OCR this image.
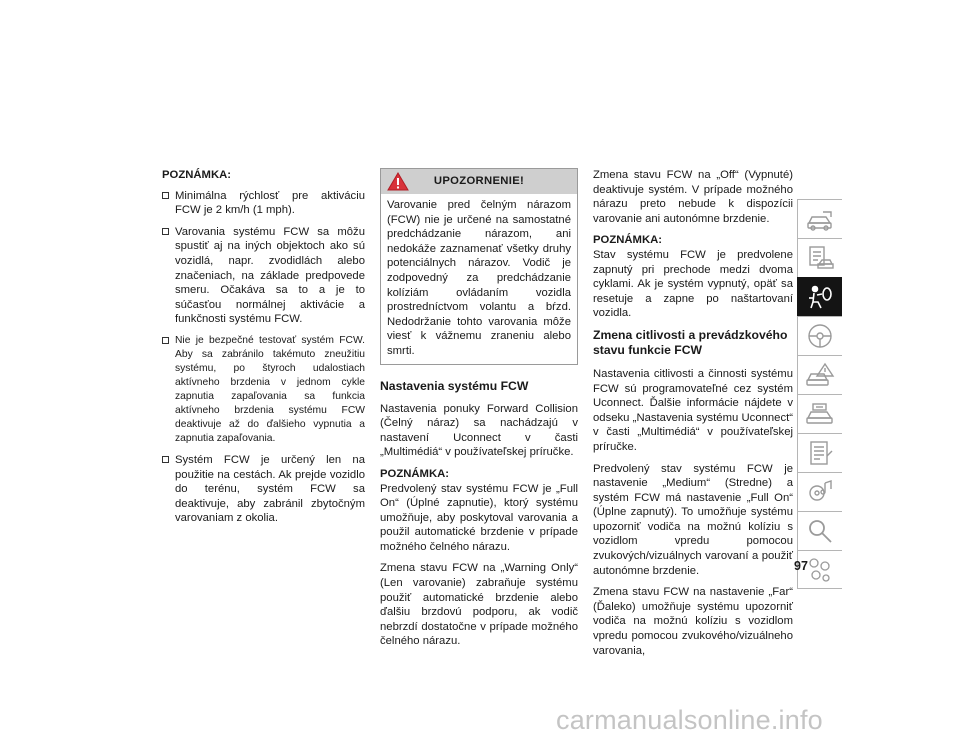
POZNÁMKA:
Minimálna rýchlosť pre aktiváciu FCW je 2 km/h (1 mph).
Varovania systému FCW sa môžu spustiť aj na iných objektoch ako sú vozidlá, napr. zvodidlách alebo značeniach, na základe predpovede smeru. Očakáva sa to a je to súčasťou normálnej aktivácie a funkčnosti systému FCW.
Nie je bezpečné testovať systém FCW. Aby sa zabránilo takémuto zneužitiu systému, po štyroch udalostiach aktívneho brzdenia v jednom cykle zapnutia zapaľovania sa funkcia aktívneho brzdenia systému FCW deaktivuje až do ďalšieho vypnutia a zapnutia zapaľovania.
Systém FCW je určený len na použitie na cestách. Ak prejde vozidlo do terénu, systém FCW sa deaktivuje, aby zabránil zbytočným varovaniam z okolia.
UPOZORNENIE!
Varovanie pred čelným nárazom (FCW) nie je určené na samostatné predchádzanie nárazom, ani nedokáže zaznamenať všetky druhy potenciálnych nárazov. Vodič je zodpovedný za predchádzanie kolíziám ovládaním vozidla prostredníctvom volantu a bŕzd. Nedodržanie tohto varovania môže viesť k vážnemu zraneniu alebo smrti.
Nastavenia systému FCW

Nastavenia ponuky Forward Collision (Čelný náraz) sa nachádzajú v nastavení Uconnect v časti „Multimédiá“ v používateľskej príručke.

POZNÁMKA:

Predvolený stav systému FCW je „Full On“ (Úplné zapnutie), ktorý systému umožňuje, aby poskytoval varovania a použil automatické brzdenie v prípade možného čelného nárazu.

Zmena stavu FCW na „Warning Only“ (Len varovanie) zabraňuje systému použiť automatické brzdenie alebo ďalšiu brzdovú podporu, ak vodič nebrzdí dostatočne v prípade možného čelného nárazu.

Zmena stavu FCW na „Off“ (Vypnuté) deaktivuje systém. V prípade možného nárazu preto nebude k dispozícii varovanie ani autonómne brzdenie.

POZNÁMKA:

Stav systému FCW je predvolene zapnutý pri prechode medzi dvoma cyklami. Ak je systém vypnutý, opäť sa resetuje a zapne po naštartovaní vozidla.

Zmena citlivosti a prevádzkového stavu funkcie FCW

Nastavenia citlivosti a činnosti systému FCW sú programovateľné cez systém Uconnect. Ďalšie informácie nájdete v odseku „Nastavenia systému Uconnect“ v časti „Multimédiá“ v používateľskej príručke.

Predvolený stav systému FCW je nastavenie „Medium“ (Stredne) a systém FCW má nastavenie „Full On“ (Úplne zapnutý). To umožňuje systému upozorniť vodiča na možnú kolíziu s vozidlom vpredu pomocou zvukových/vizuálnych varovaní a použiť autonómne brzdenie.

Zmena stavu FCW na nastavenie „Far“ (Ďaleko) umožňuje systému upozorniť vodiča na možnú kolíziu s vozidlom vpredu pomocou zvukového/vizuálneho varovania,

97
carmanualsonline.info
